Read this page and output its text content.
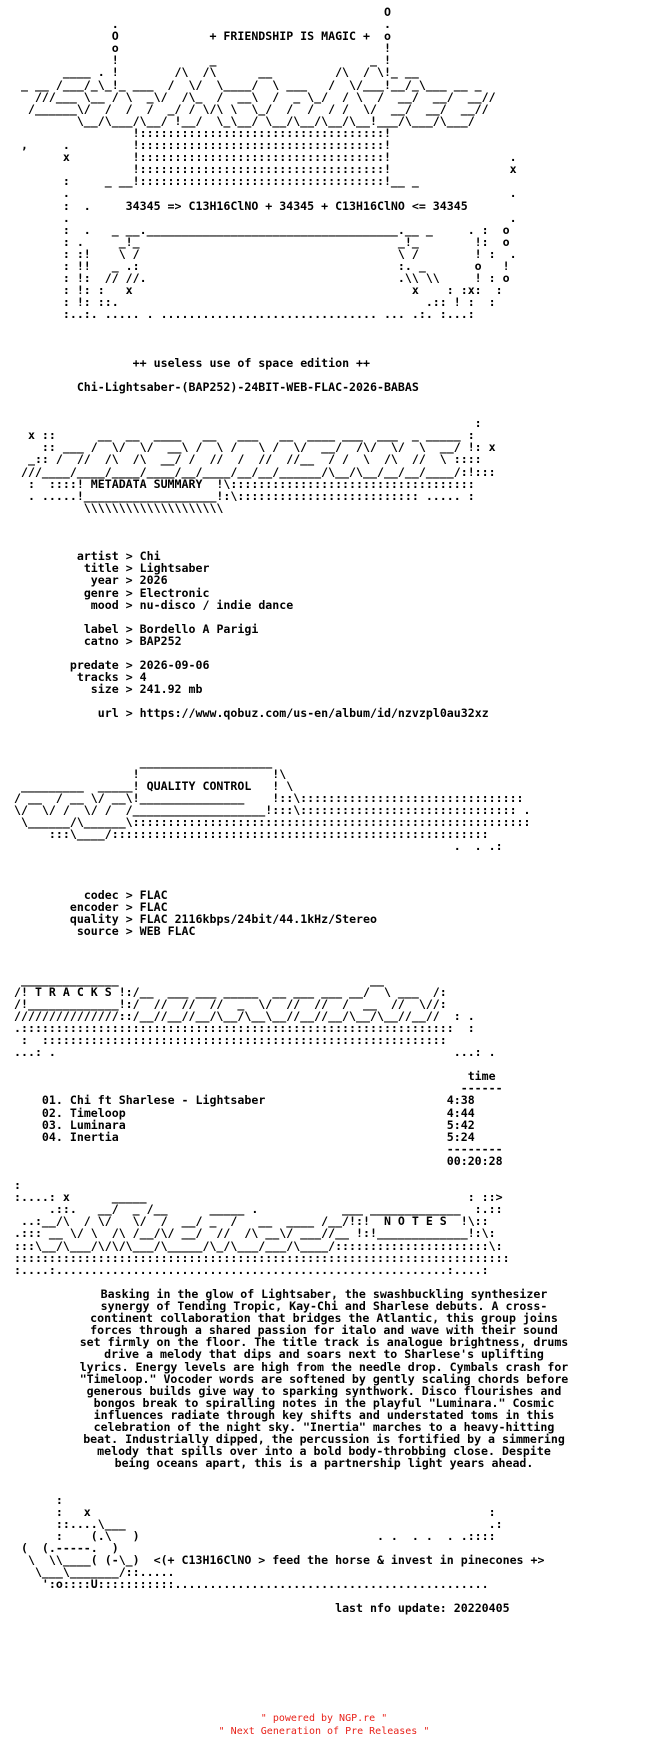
O
.                                      .
O             + FRIENDSHIP IS MAGIC +  o
o                                      !
!             _                      _ !
____ . !        /\  /\      __         /\  / \!_ __
_ __ /___/_\_!_ ___  /  \/  \____/  \ ___   /  \/___!__/_\___ __ _
///___ \__ / \  _\/  /\_  /  __\  /  _ \_/  / \  /  __/  __/  __//
/______\/  /  /  /  _/ / \/\ \  \_/  /  /  / /  \/  __/  __/  __//
\__/\___/\__/ !__/  \_\__/ \__/\__/\__/\__!___/\___/\___/
!:::::::::::::::::::::::::::::::::::!
,     .         !:::::::::::::::::::::::::::::::::::!
x         !:::::::::::::::::::::::::::::::::::!                 .
!:::::::::::::::::::::::::::::::::::!                 x
:     _ __!:::::::::::::::::::::::::::::::::::!__ _
.                                                               .
:  .     34345 => C13H16ClNO + 34345 + C13H16ClNO <= 34345
.                                                               .
:  .   _ __.____________________________________.__ _     . :  o
: .     _!_                                     _!_        !:  o
: :!    \ /                                     \ /        ! :  .
: !!   _ .:                                     :. _       o   !
: !:  // //.                                    .\\ \\     ! : o
: !: :   x                                        x    : :x:  :
: !: ::.                                            .:: ! :  :
:..:. ..... . ............................... ... .:. :...:

++ useless use of space edition ++

Chi-Lightsaber-(BAP252)-24BIT-WEB-FLAC-2026-BABAS

:
x ::      __  __  ____   __   ___   __  ____ ___  ___  _ _____ :
:: ___ /  \/  \/  __\ /  \ /   \ /  \/  __/  /\/  \/  \  __/ !: x
_:: /  //  /\  /\  __/ /  //  /  //  //__  / /  \  /\  //  \ ::::
///____/____/____/____/__/____/__/__/______/\__/\__/__/__/____/:!:::
:  ::::! METADATA SUMMARY  !\:::::::::::::::::::::::::::::::::::
. .....!___________________!:\:::::::::::::::::::::::::: ..... :
\\\\\\\\\\\\\\\\\\\\

artist > Chi
title > Lightsaber
year > 2026
genre > Electronic
mood > nu-disco / indie dance

label > Bordello A Parigi
catno > BAP252

predate > 2026-09-06
tracks > 4
size > 241.92 mb

url > https://www.qobuz.com/us-en/album/id/nzvzpl0au32xz

___________________
!                   !\
_________  _____! QUALITY CONTROL   ! \
/ __  / __ \/ __\!_______________    !::\::::::::::::::::::::::::::::::::
\/  \/ /  \/ /  /___________________!:::\::::::::::::::::::::::::::::::: .
\______/\______\:::::::::::::::::::::::::::::::::::::::::::::::::::::::::
:::\____/::::::::::::::::::::::::::::::::::::::::::::::::::::::
.  . .:

codec > FLAC
encoder > FLAC
quality > FLAC 2116kbps/24bit/44.1kHz/Stereo
source > WEB FLAC

______________                                    __
/! T R A C K S !:/__  ___ ___ _____  __ ___ ___ __/  \ ___  /:
/!_____________!:/  //  //  //  _  \/  //  //  /  __  //  \//:
///////////////::/__//__//__/\__/\__\__//__//__/\__/\__//__//  : .
.::::::::::::::::::::::::::::::::::::::::::::::::::::::::::::::  :
:  ::::::::::::::::::::::::::::::::::::::::::::::::::::::::::
...: .                                                         ...: .

time
------
01. Chi ft Sharlese - Lightsaber	4:38
02. Timeloop	4:44
03. Luminara	5:42
04. Inertia	5:24
--------
00:20:28

:
:....: x      _____                                              : ::>
.::.   __/  _ /__      _____ .            ___ _____________  :.::
..:__/\  / \/   \/  /  __/ _  /   __  ____ /__/!:!  N O T E S  !\::
.::: __ \/ \  /\ /__/\/ __/  //  /\ __\/ ___//__ !:!_____________!:\:
:::\__/\___/\/\/\___/\_____/\_/\___/___/\____/::::::::::::::::::::::\:
:::::::::::::::::::::::::::::::::::::::::::::::::::::::::::::::::::::::
:....:........................................................:....:

Basking in the glow of Lightsaber, the swashbuckling synthesizer
synergy of Tending Tropic, Kay-Chi and Sharlese debuts. A cross-
continent collaboration that bridges the Atlantic, this group joins
forces through a shared passion for italo and wave with their sound
set firmly on the floor. The title track is analogue brightness, drums
drive a melody that dips and soars next to Sharlese's uplifting
lyrics. Energy levels are high from the needle drop. Cymbals crash for
"Timeloop." Vocoder words are softened by gently scaling chords before
generous builds give way to sparking synthwork. Disco flourishes and
bongos break to spiralling notes in the playful "Luminara." Cosmic
influences radiate through key shifts and understated toms in this
celebration of the night sky. "Inertia" marches to a heavy-hitting
beat. Industrially dipped, the percussion is fortified by a simmering
melody that spills over into a bold body-throbbing close. Despite
being oceans apart, this is a partnership light years ahead.

:
:   x                                                         :
::....\___                                                    .:
:    (.\   )                                  . .  . .  . .::::
(  (.-----.  )
\  \\____( (-\_)  <(+ C13H16ClNO > feed the horse & invest in pinecones +>
\___\_______/::.....
':o::::U:::::::::::.............................................

last nfo update: 20220405
" powered by NGP.re "
" Next Generation of Pre Releases "
